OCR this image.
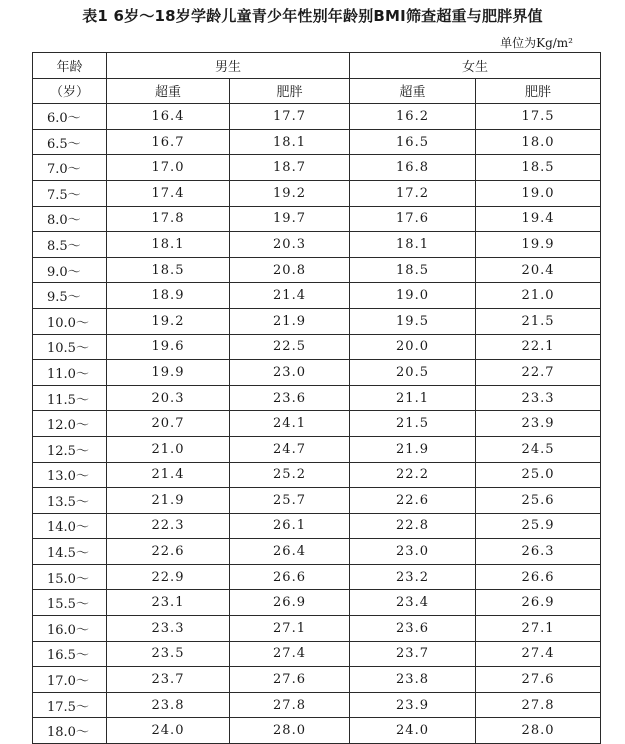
表1 6岁～18岁学龄儿童青少年性别年龄别BMI筛查超重与肥胖界值
单位为Kg/m²
年龄	男生		女生	
（岁）	超重	肥胖	超重	肥胖
6.0～	16.4	17.7	16.2	17.5
6.5～	16.7	18.1	16.5	18.0
7.0～	17.0	18.7	16.8	18.5
7.5～	17.4	19.2	17.2	19.0
8.0～	17.8	19.7	17.6	19.4
8.5～	18.1	20.3	18.1	19.9
9.0～	18.5	20.8	18.5	20.4
9.5～	18.9	21.4	19.0	21.0
10.0～	19.2	21.9	19.5	21.5
10.5～	19.6	22.5	20.0	22.1
11.0～	19.9	23.0	20.5	22.7
11.5～	20.3	23.6	21.1	23.3
12.0～	20.7	24.1	21.5	23.9
12.5～	21.0	24.7	21.9	24.5
13.0～	21.4	25.2	22.2	25.0
13.5～	21.9	25.7	22.6	25.6
14.0～	22.3	26.1	22.8	25.9
14.5～	22.6	26.4	23.0	26.3
15.0～	22.9	26.6	23.2	26.6
15.5～	23.1	26.9	23.4	26.9
16.0～	23.3	27.1	23.6	27.1
16.5～	23.5	27.4	23.7	27.4
17.0～	23.7	27.6	23.8	27.6
17.5～	23.8	27.8	23.9	27.8
18.0～	24.0	28.0	24.0	28.0
